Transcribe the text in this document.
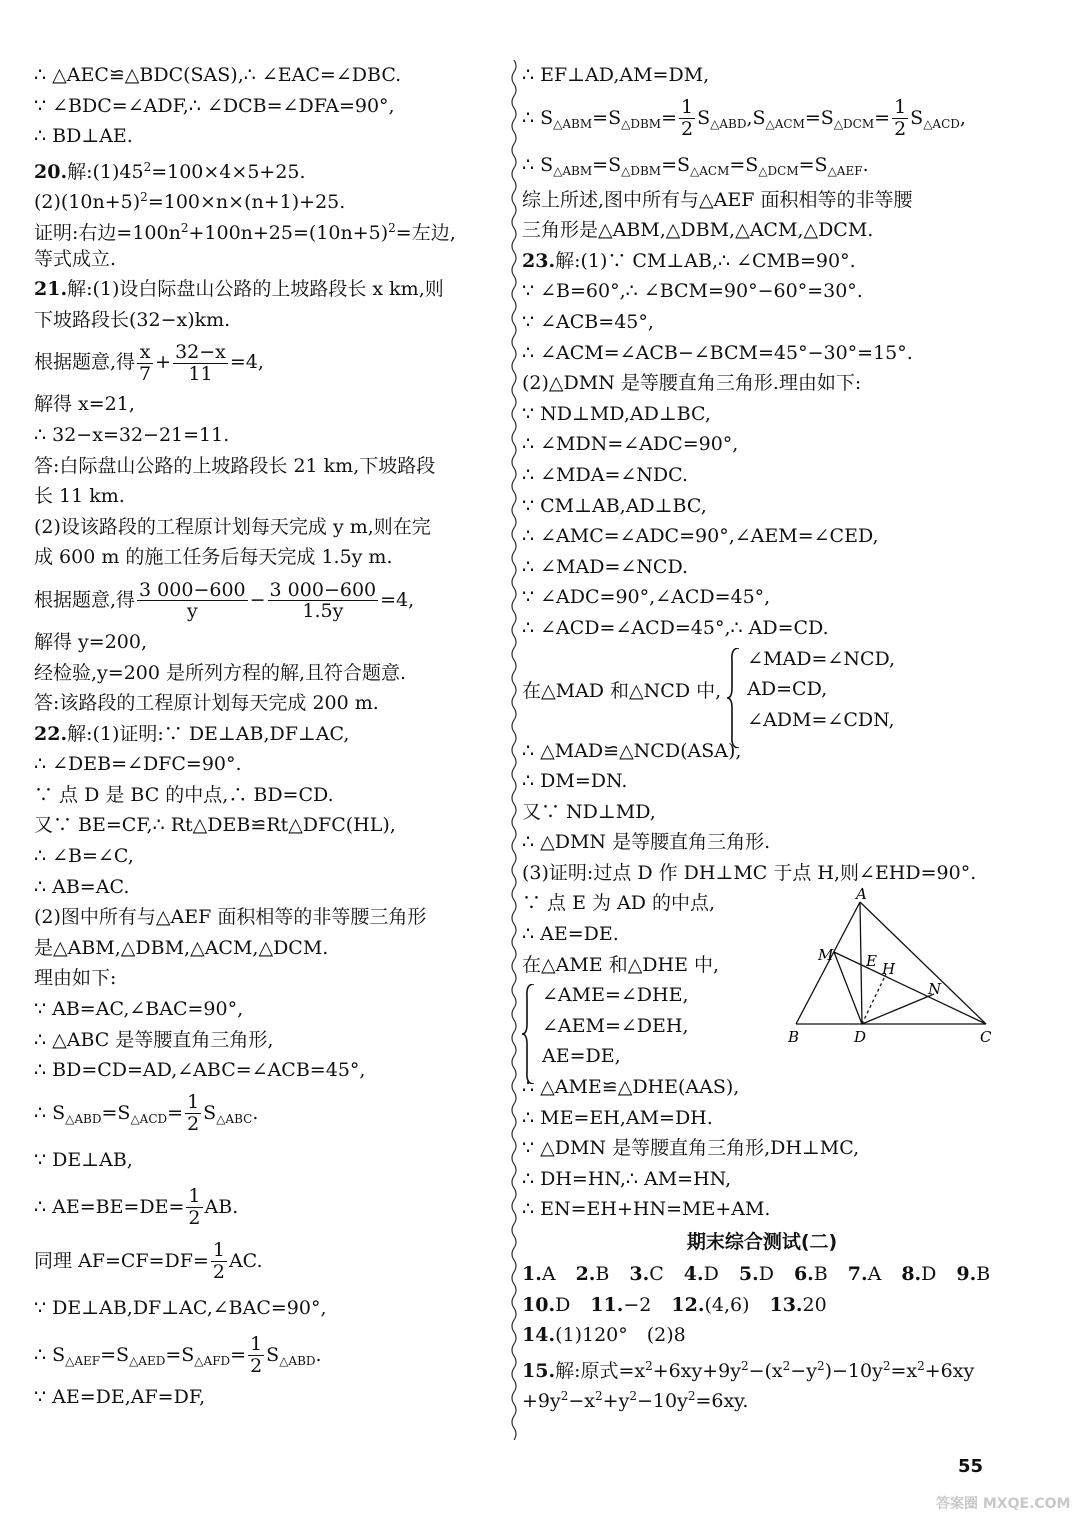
∴ △AEC≌△BDC(SAS),∴ ∠EAC=∠DBC.
∵ ∠BDC=∠ADF,∴ ∠DCB=∠DFA=90°,
∴ BD⊥AE.
20.解$:(1)45^2=100\times 4\times 5+25$.
$(2)(10n+5)^2=100\times n\times(n+1)+25$.
证明:右边$=100n^2+100n+25=(10n+5)^2=$左边,
等式成立.
21.解:(1)设白际盘山公路的上坡路段长 x km,则
下坡路段长(32−x)km.
根据题意,得 $\frac{x}{7} + \frac{32-x}{11} =4$,
解得 x=21,
∴ 32−x=32−21=11.
答:白际盘山公路的上坡路段长 21 km,下坡路段
长 11 km.
(2)设该路段的工程原计划每天完成 y m,则在完
成 600 m 的施工任务后每天完成 1.5y m.
根据题意,得 $\frac{3 000-600}{y} - \frac{3 000-600}{1.5y} =4$,
解得 y=200,
经检验,y=200 是所列方程的解,且符合题意.
答:该路段的工程原计划每天完成 200 m.
22.解:(1)证明:∵ DE⊥AB,DF⊥AC,
∴ ∠DEB=∠DFC=90°.
∵ 点 D 是 BC 的中点,∴ BD=CD.
又∵ BE=CF,∴ Rt△DEB≌Rt△DFC(HL),
∴ ∠B=∠C,
∴ AB=AC.
(2)图中所有与△AEF 面积相等的非等腰三角形
是△ABM,△DBM,△ACM,△DCM.
理由如下:
∵ AB=AC,∠BAC=90°,
∴ △ABC 是等腰直角三角形,
∴ BD=CD=AD,∠ABC=∠ACB=45°,
∴ $S_{\triangle ABD}=S_{\triangle ACD}= \frac{1}{2} S_{\triangle ABC}$.
∵ DE⊥AB,
∴ $AE=BE=DE= \frac{1}{2}$ AB.
同理 $AF=CF=DF= \frac{1}{2}$ AC.
∵ DE⊥AB,DF⊥AC,∠BAC=90°,
∴ $S_{\triangle AEF}=S_{\triangle AED}=S_{\triangle AFD}= \frac{1}{2} S_{\triangle ABD}$.
∵ AE=DE,AF=DF,
∴ EF⊥AD,AM=DM,
∴ $S_{\triangle ABM}=S_{\triangle DBM}= \frac{1}{2} S_{\triangle ABD},S_{\triangle ACM}=S_{\triangle DCM}= \frac{1}{2} S_{\triangle ACD}$,
∴ $S_{\triangle ABM}=S_{\triangle DBM}=S_{\triangle ACM}=S_{\triangle DCM}=S_{\triangle AEF}$.
综上所述,图中所有与△AEF 面积相等的非等腰
三角形是△ABM,△DBM,△ACM,△DCM.
23.解:(1)∵ CM⊥AB,∴ ∠CMB=90°.
∵ ∠B=60°,∴ ∠BCM=90°−60°=30°.
∵ ∠ACB=45°,
∴ ∠ACM=∠ACB−∠BCM=45°−30°=15°.
(2)△DMN 是等腰直角三角形.理由如下:
∵ ND⊥MD,AD⊥BC,
∴ ∠MDN=∠ADC=90°,
∴ ∠MDA=∠NDC.
∵ CM⊥AB,AD⊥BC,
∴ ∠AMC=∠ADC=90°,∠AEM=∠CED,
∴ ∠MAD=∠NCD.
∵ ∠ADC=90°,∠ACD=45°,
∴ ∠ACD=∠ACD=45°,∴ AD=CD.
在△MAD 和△NCD 中,
∠MAD=∠NCD,
AD=CD,
∠ADM=∠CDN,
∴ △MAD≌△NCD(ASA),
∴ DM=DN.
又∵ ND⊥MD,
∴ △DMN 是等腰直角三角形.
(3)证明:过点 D 作 DH⊥MC 于点 H,则∠EHD=90°.
∵ 点 E 为 AD 的中点,
∴ AE=DE.
在△AME 和△DHE 中,
∠AME=∠DHE,
∠AEM=∠DEH,
AE=DE,
∴ △AME≌△DHE(AAS),
∴ ME=EH,AM=DH.
∵ △DMN 是等腰直角三角形,DH⊥MC,
∴ DH=HN,∴ AM=HN,
∴ EN=EH+HN=ME+AM.
期末综合测试(二)
1.A 2.B 3.C 4.D 5.D 6.B 7.A 8.D 9.B
10.D 11.−2 12.(4,6) 13.20
14.(1)120°　(2)8
15.解:原式$=x^2+6xy+9y^2-(x^2-y^2)-10y^2=x^2+6xy$
$+9y^2-x^2+y^2-10y^2=6xy$.
A
B	C
D
M E H
N
55
答案圈 MXQE.COM
